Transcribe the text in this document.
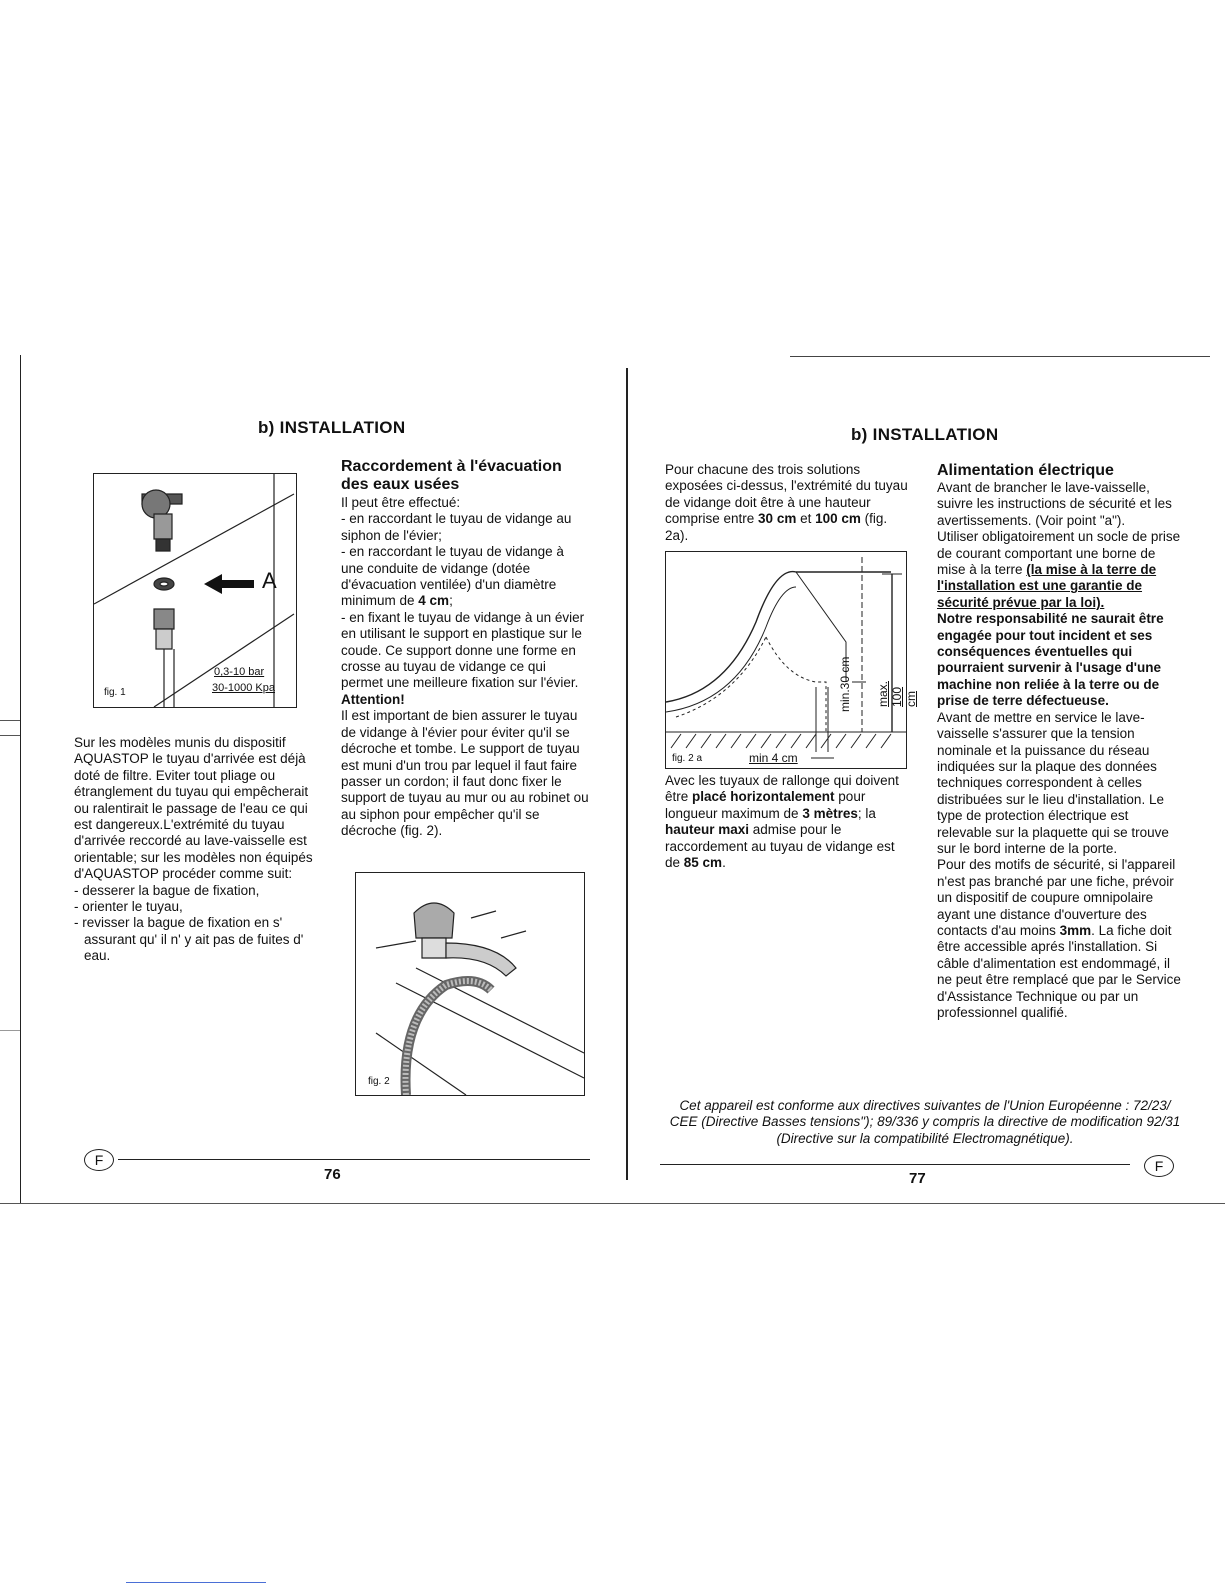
b) INSTALLATION
A
0,3-10 bar
30-1000 Kpa
fig. 1

Sur les modèles munis du dispositif AQUASTOP le tuyau d'arrivée est déjà doté de filtre. Eviter tout pliage ou étranglement du tuyau qui empêcherait ou ralentirait le passage de l'eau ce qui est dangereux.L'extrémité du tuyau d'arrivée reccordé au lave-vaisselle est orientable; sur les modèles non équipés d'AQUASTOP procéder comme suit:

- desserer la bague de fixation,
- orienter le tuyau,
- revisser la bague de fixation en s' assurant qu' il n' y ait pas de fuites d' eau.

Raccordement à l'évacuation des eaux usées

Il peut être effectué:

- en raccordant le tuyau de vidange au siphon de l'évier;

- en raccordant le tuyau de vidange à une conduite de vidange (dotée d'évacuation ventilée) d'un diamètre minimum de 4 cm;

- en fixant le tuyau de vidange à un évier en utilisant le support en plastique sur le coude. Ce support donne une forme en crosse au tuyau de vidange ce qui permet une meilleure fixation sur l'évier.

Attention!

Il est important de bien assurer le tuyau de vidange à l'évier pour éviter qu'il se décroche et tombe. Le support de tuyau est muni d'un trou par lequel il faut faire passer un cordon; il faut donc fixer le support de tuyau au mur ou au robinet ou au siphon pour empêcher qu'il se décroche (fig. 2).

fig. 2
F
76
b) INSTALLATION

Pour chacune des trois solutions exposées ci-dessus, l'extrémité du tuyau de vidange doit être à une hauteur comprise entre 30 cm et 100 cm (fig. 2a).

fig. 2 a	min 4 cm
min.30 cm max. 100 cm

Avec les tuyaux de rallonge qui doivent être placé horizontalement pour longueur maximum de 3 mètres; la hauteur maxi admise pour le raccordement au tuyau de vidange est de 85 cm.

Alimentation électrique

Avant de brancher le lave-vaisselle, suivre les instructions de sécurité et les avertissements. (Voir point "a").

Utiliser obligatoirement un socle de prise de courant comportant une borne de mise à la terre (la mise à la terre de l'installation est une garantie de sécurité prévue par la loi).

Notre responsabilité ne saurait être engagée pour tout incident et ses conséquences éventuelles qui pourraient survenir à l'usage d'une machine non reliée à la terre ou de prise de terre défectueuse.

Avant de mettre en service le lave-vaisselle s'assurer que la tension nominale et la puissance du réseau indiquées sur la plaque des données techniques correspondent à celles distribuées sur le lieu d'installation. Le type de protection électrique est relevable sur la plaquette qui se trouve sur le bord interne de la porte.

Pour des motifs de sécurité, si l'appareil n'est pas branché par une fiche, prévoir un dispositif de coupure omnipolaire ayant une distance d'ouverture des contacts d'au moins 3mm. La fiche doit être accessible aprés l'installation. Si câble d'alimentation est endommagé, il ne peut être remplacé que par le Service d'Assistance Technique ou par un professionnel qualifié.

Cet appareil est conforme aux directives suivantes de l'Union Européenne : 72/23/ CEE (Directive Basses tensions"); 89/336 y compris la directive de modification 92/31 (Directive sur la compatibilité Electromagnétique).
F
77
